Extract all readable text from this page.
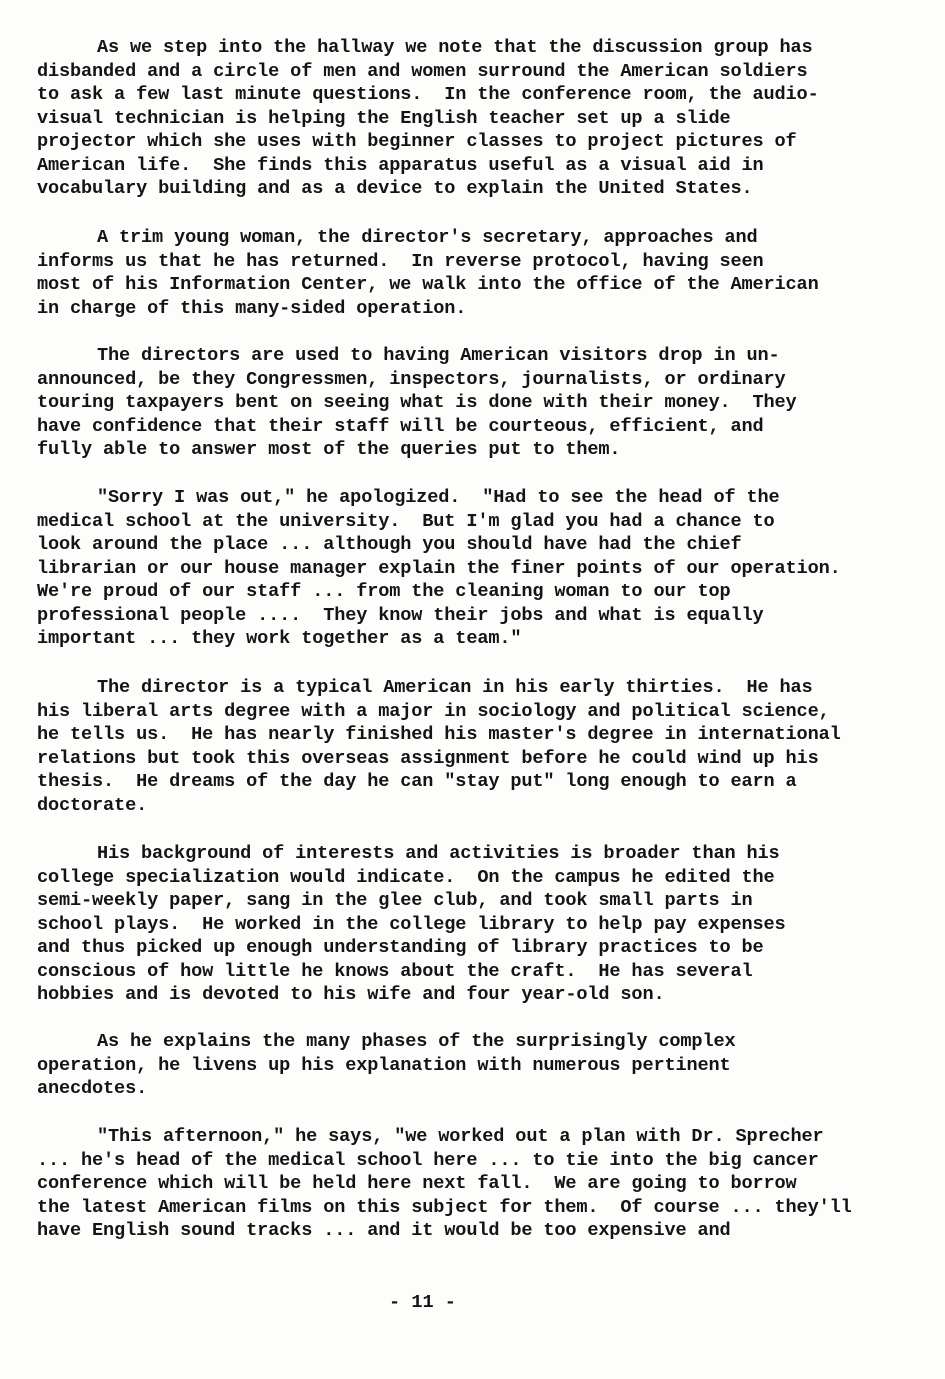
As we step into the hallway we note that the discussion group has
disbanded and a circle of men and women surround the American soldiers
to ask a few last minute questions.  In the conference room, the audio-
visual technician is helping the English teacher set up a slide
projector which she uses with beginner classes to project pictures of
American life.  She finds this apparatus useful as a visual aid in
vocabulary building and as a device to explain the United States.
A trim young woman, the director's secretary, approaches and
informs us that he has returned.  In reverse protocol, having seen
most of his Information Center, we walk into the office of the American
in charge of this many-sided operation.
The directors are used to having American visitors drop in un-
announced, be they Congressmen, inspectors, journalists, or ordinary
touring taxpayers bent on seeing what is done with their money.  They
have confidence that their staff will be courteous, efficient, and
fully able to answer most of the queries put to them.
"Sorry I was out," he apologized.  "Had to see the head of the
medical school at the university.  But I'm glad you had a chance to
look around the place ... although you should have had the chief
librarian or our house manager explain the finer points of our operation.
We're proud of our staff ... from the cleaning woman to our top
professional people ....  They know their jobs and what is equally
important ... they work together as a team."
The director is a typical American in his early thirties.  He has
his liberal arts degree with a major in sociology and political science,
he tells us.  He has nearly finished his master's degree in international
relations but took this overseas assignment before he could wind up his
thesis.  He dreams of the day he can "stay put" long enough to earn a
doctorate.
His background of interests and activities is broader than his
college specialization would indicate.  On the campus he edited the
semi-weekly paper, sang in the glee club, and took small parts in
school plays.  He worked in the college library to help pay expenses
and thus picked up enough understanding of library practices to be
conscious of how little he knows about the craft.  He has several
hobbies and is devoted to his wife and four year-old son.
As he explains the many phases of the surprisingly complex
operation, he livens up his explanation with numerous pertinent
anecdotes.
"This afternoon," he says, "we worked out a plan with Dr. Sprecher
... he's head of the medical school here ... to tie into the big cancer
conference which will be held here next fall.  We are going to borrow
the latest American films on this subject for them.  Of course ... they'll
have English sound tracks ... and it would be too expensive and
- 11 -
